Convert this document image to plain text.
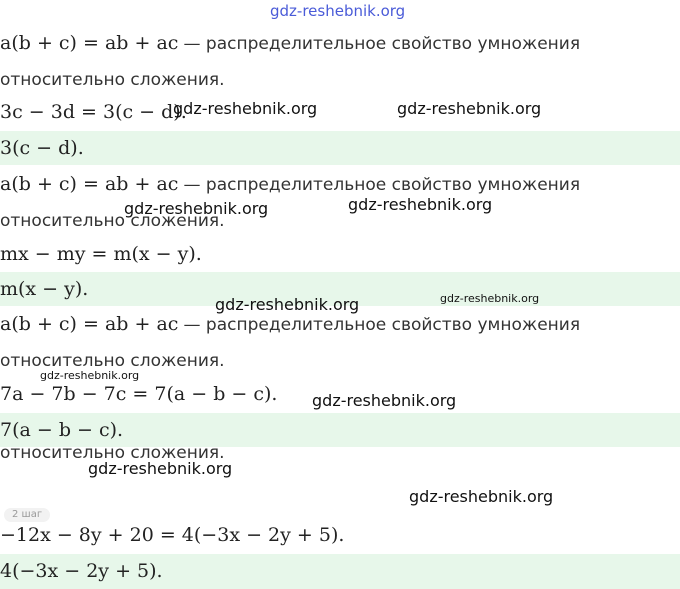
gdz-reshebnik.org
a(b + c) = ab + ac — распределительное свойство умножения
относительно сложения.
3c − 3d = 3(c − d).
3(c − d).
a(b + c) = ab + ac — распределительное свойство умножения
относительно сложения.
mx − my = m(x − y).
m(x − y).
a(b + c) = ab + ac — распределительное свойство умножения
относительно сложения.
7a − 7b − 7c = 7(a − b − c).
7(a − b − c).
относительно сложения.
2 шаг
−12x − 8y + 20 = 4(−3x − 2y + 5).
4(−3x − 2y + 5).
gdz-reshebnik.org	gdz-reshebnik.org
gdz-reshebnik.org	gdz-reshebnik.org
gdz-reshebnik.org	gdz-reshebnik.org
gdz-reshebnik.org
gdz-reshebnik.org
gdz-reshebnik.org
gdz-reshebnik.org
